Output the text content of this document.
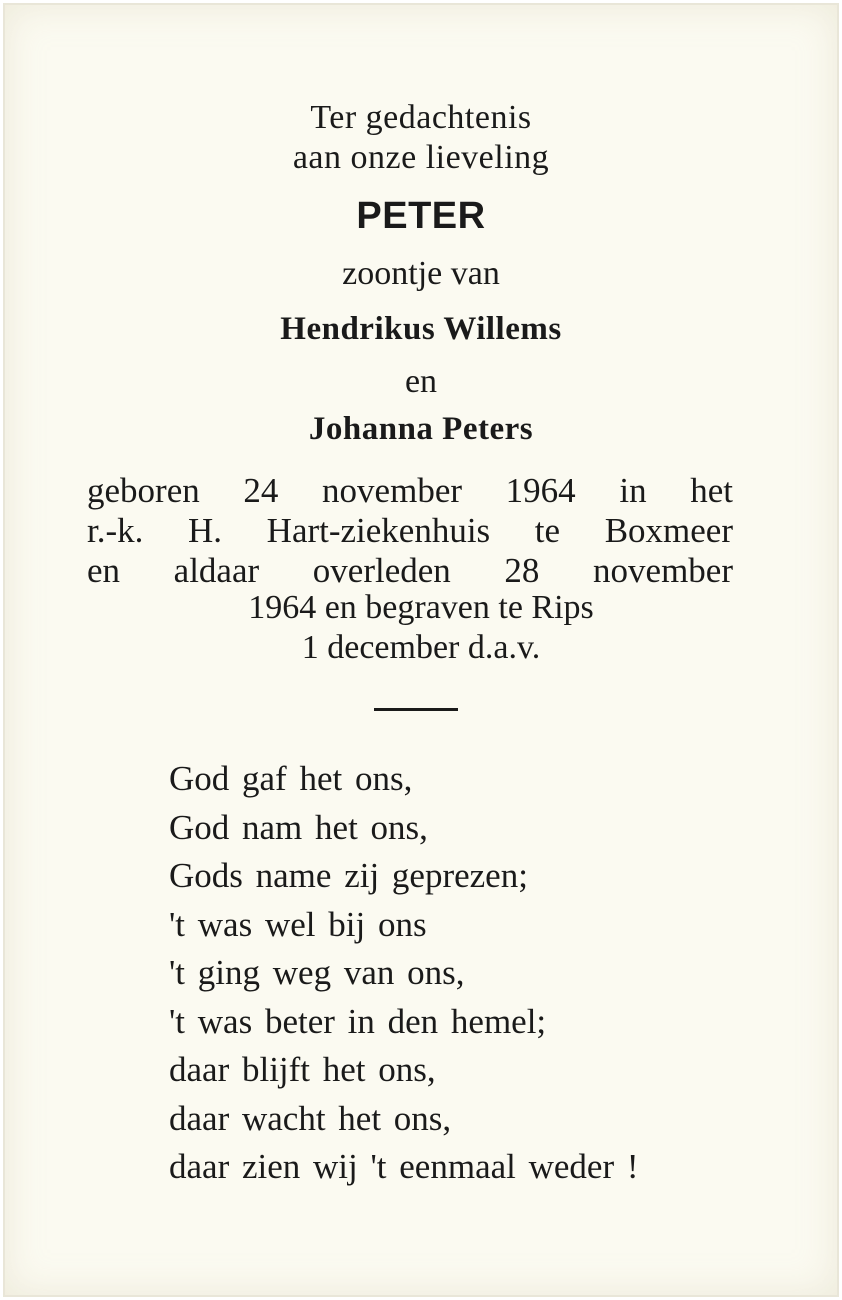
Ter gedachtenis
aan onze lieveling
PETER
zoontje van
Hendrikus Willems
en
Johanna Peters
geboren 24 november 1964 in het
r.-k. H. Hart-ziekenhuis te Boxmeer
en aldaar overleden 28 november
1964 en begraven te Rips
1 december d.a.v.
God gaf het ons,
God nam het ons,
Gods name zij geprezen;
't was wel bij ons
't ging weg van ons,
't was beter in den hemel;
daar blijft het ons,
daar wacht het ons,
daar zien wij 't eenmaal weder !
